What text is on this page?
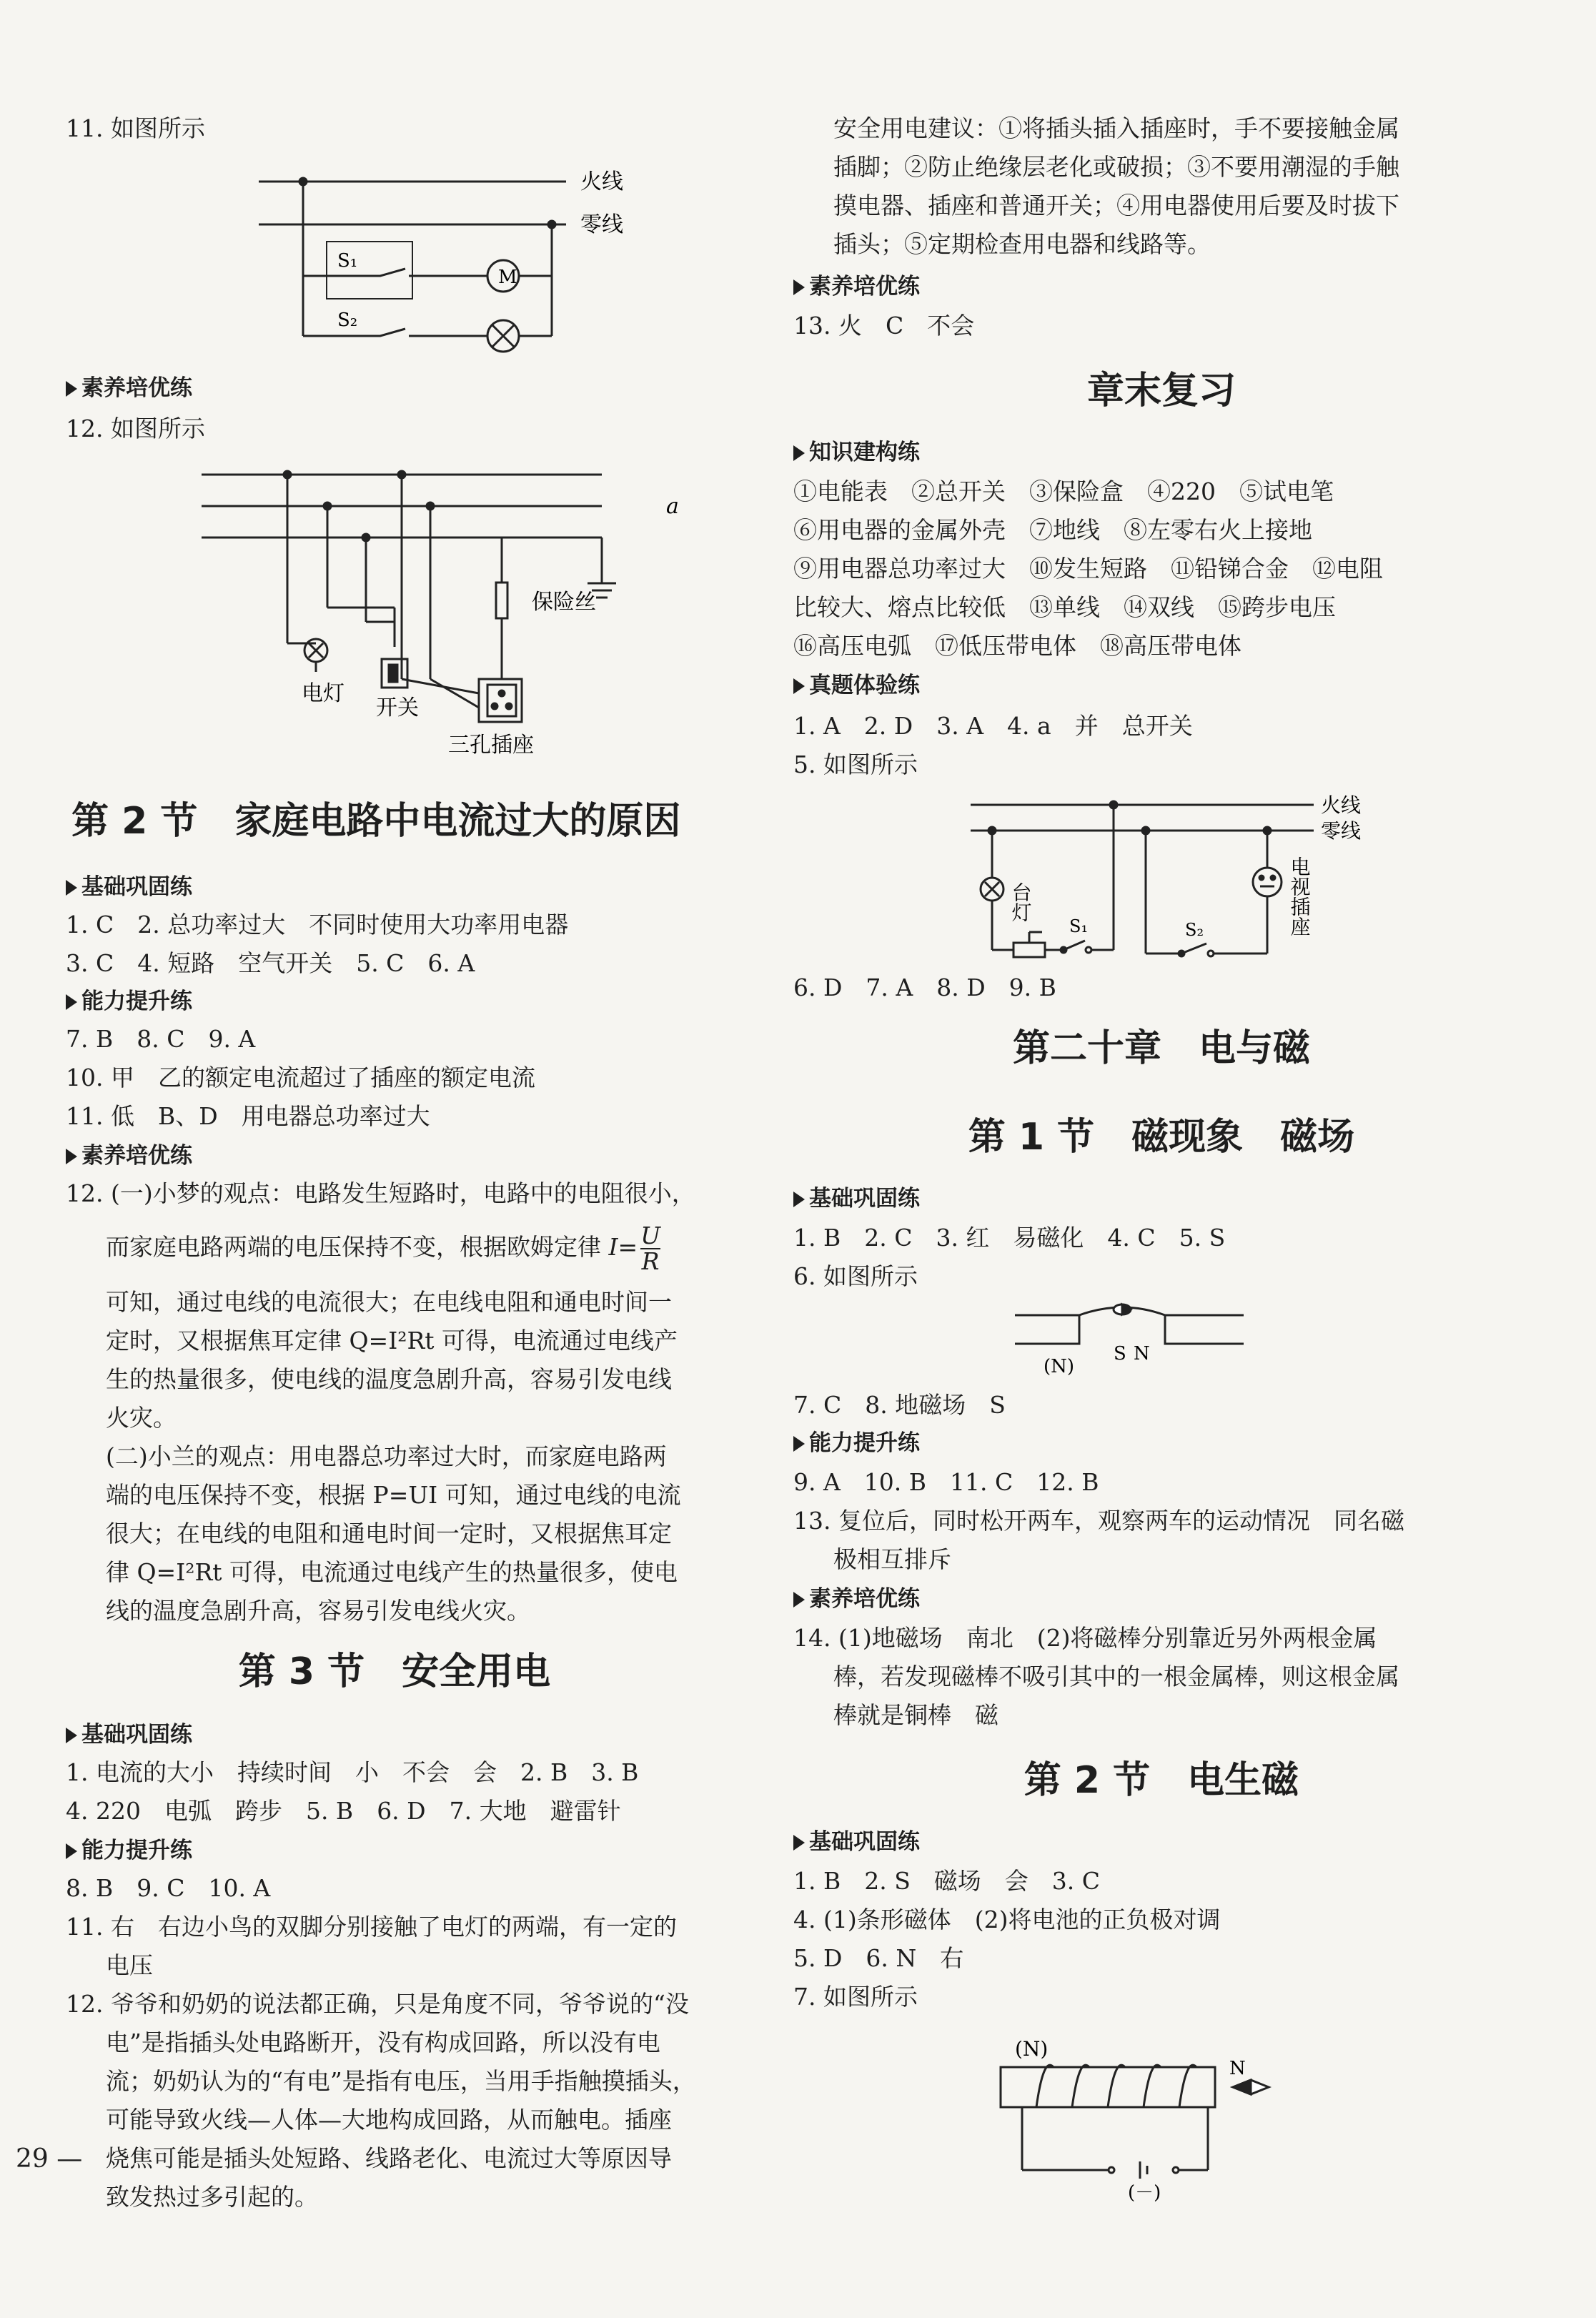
11. 如图所示
M
火线
零线
S₁
S₂
素养培优练
12. 如图所示
a
保险丝
电灯
开关
三孔插座
第 2 节　家庭电路中电流过大的原因
基础巩固练
1. C　2. 总功率过大　不同时使用大功率用电器
3. C　4. 短路　空气开关　5. C　6. A
能力提升练
7. B　8. C　9. A
10. 甲　乙的额定电流超过了插座的额定电流
11. 低　B、D　用电器总功率过大
素养培优练
12. (一)小梦的观点：电路发生短路时，电路中的电阻很小，
而家庭电路两端的电压保持不变，根据欧姆定律 $I= \frac{U}{R}$
可知，通过电线的电流很大；在电线电阻和通电时间一
定时，又根据焦耳定律 Q=I²Rt 可得，电流通过电线产
生的热量很多，使电线的温度急剧升高，容易引发电线
火灾。
(二)小兰的观点：用电器总功率过大时，而家庭电路两
端的电压保持不变，根据 P=UI 可知，通过电线的电流
很大；在电线的电阻和通电时间一定时，又根据焦耳定
律 Q=I²Rt 可得，电流通过电线产生的热量很多，使电
线的温度急剧升高，容易引发电线火灾。
第 3 节　安全用电
基础巩固练
1. 电流的大小　持续时间　小　不会　会　2. B　3. B
4. 220　电弧　跨步　5. B　6. D　7. 大地　避雷针
能力提升练
8. B　9. C　10. A
11. 右　右边小鸟的双脚分别接触了电灯的两端，有一定的
电压
12. 爷爷和奶奶的说法都正确，只是角度不同，爷爷说的“没
电”是指插头处电路断开，没有构成回路，所以没有电
流；奶奶认为的“有电”是指有电压，当用手指触摸插头，
可能导致火线—人体—大地构成回路，从而触电。插座
烧焦可能是插头处短路、线路老化、电流过大等原因导
致发热过多引起的。
29 —
安全用电建议：①将插头插入插座时，手不要接触金属
插脚；②防止绝缘层老化或破损；③不要用潮湿的手触
摸电器、插座和普通开关；④用电器使用后要及时拔下
插头；⑤定期检查用电器和线路等。
素养培优练
13. 火　C　不会
章末复习
知识建构练
①电能表　②总开关　③保险盒　④220　⑤试电笔
⑥用电器的金属外壳　⑦地线　⑧左零右火上接地
⑨用电器总功率过大　⑩发生短路　⑪铅锑合金　⑫电阻
比较大、熔点比较低　⑬单线　⑭双线　⑮跨步电压
⑯高压电弧　⑰低压带电体　⑱高压带电体
真题体验练
1. A　2. D　3. A　4. a　并　总开关
5. 如图所示
火线
零线
台灯	电视插座
S₁	S₂
6. D　7. A　8. D　9. B
第二十章　电与磁
第 1 节　磁现象　磁场
基础巩固练
1. B　2. C　3. 红　易磁化　4. C　5. S
6. 如图所示
(N)
S N
7. C　8. 地磁场　S
能力提升练
9. A　10. B　11. C　12. B
13. 复位后，同时松开两车，观察两车的运动情况　同名磁
极相互排斥
素养培优练
14. (1)地磁场　南北　(2)将磁棒分别靠近另外两根金属
棒，若发现磁棒不吸引其中的一根金属棒，则这根金属
棒就是铜棒　磁
第 2 节　电生磁
基础巩固练
1. B　2. S　磁场　会　3. C
4. (1)条形磁体　(2)将电池的正负极对调
5. D　6. N　右
7. 如图所示
(N)
N
(－)
